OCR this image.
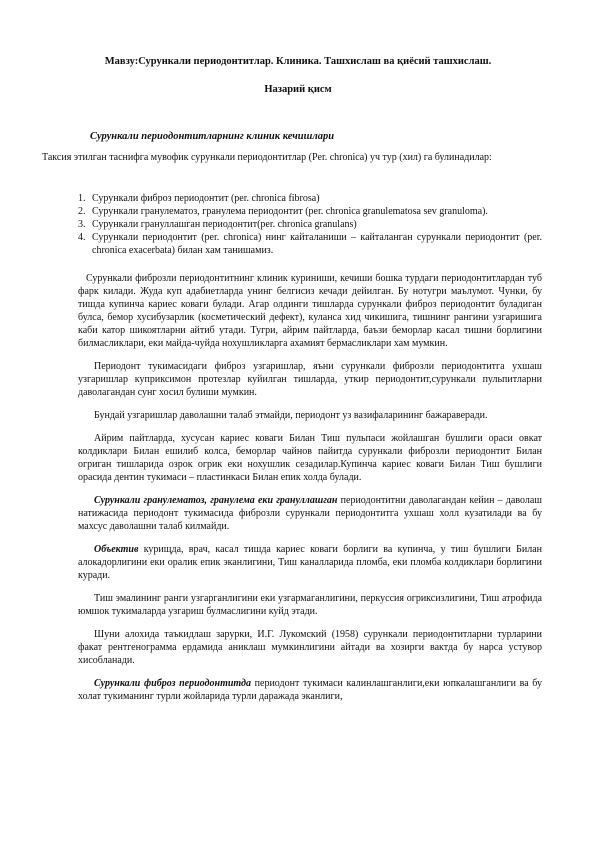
Мавзу:Сурункали периодонтитлар. Клиника. Ташхислаш ва қиёсий ташхислаш.
Назарий қисм
Сурункали периодонтитларнинг клиник кечишлари
Таксия этилган таснифга мувофик сурункали периодонтитлар (Per. chronica) уч тур (хил) га булинадилар:
1. Сурункали фиброз периодонтит (per. chronica fibrosa)
2. Сурункали гранулематоз, гранулема периодонтит (per. chronica granulematosa sev granuloma).
3. Сурункали грануллашган периодонтит(per. chronica granulans)
4. Сурункали периодонтит (per. chronica) нинг кайталаниши – кайталанган сурункали периодонтит (per. chronica exacerbata) билан хам танишамиз.

Сурункали фиброзли периодонтитнинг клиник куриниши, кечиши бошка турдаги периодонтитлардан туб фарк килади. Жуда куп адабиетларда унинг белгисиз кечади дейилган. Бу нотугри маълумот. Чунки, бу тишда купинча кариес коваги булади. Агар олдинги тишларда сурункали фиброз периодонтит буладиган булса, бемор хусибузарлик (косметический дефект), куланса хид чикишига, тишнинг рангини узгаришига каби катор шикоятларни айтиб утади. Тугри, айрим пайтларда, баъзи беморлар касал тишни борлигини билмасликлари, еки майда-чуйда нохушликларга ахамият бермасликлари хам мумкин.

Периодонт тукимасидаги фиброз узгаришлар, яъни сурункали фиброзли периодонтитга ухшаш узгаришлар куприксимон протезлар куйилган тишларда, уткир периодонтит,сурункали пульпитларни даволагандан сунг хосил булиши мумкин.

Бундай узгаришлар даволашни талаб этмайди, периодонт уз вазифаларининг бажараверади.

Айрим пайтларда, хусусан кариес коваги Билан Тиш пульпаси жойлашган бушлиги ораси овкат колдиклари Билан ешилиб колса, беморлар чайнов пайитда сурункали фиброзли периодонтит Билан огриган тишларида озрок огрик еки нохушлик сезадилар.Купинча кариес коваги Билан Тиш бушлиги орасида дентин тукимаси – пластинкаси Билан епик холда булади.

Сурункали гранулематоз, гранулема еки грануллашган периодонтитни даволагандан кейин – даволаш натижасида периодонт тукимасида фиброзли сурункали периодонтитга ухшаш холл кузатилади ва бу махсус даволашни талаб килмайди.

Объектив курищда, врач, касал тишда кариес коваги борлиги ва купинча, у тиш бушлиги Билан алокадорлигини еки оралик епик эканлигини, Тиш каналларида пломба, еки пломба колдиклари борлигини куради.

Тиш эмалининг ранги узгарганлигини еки узгармаганлигини, перкуссия огриксизлигини, Тиш атрофида юмшок тукималарда узгариш булмаслигини куйд этади.

Шуни алохида таъкидлаш зарурки, И.Г. Лукомский (1958) сурункали периодонтитларни турларини факат рентгенограмма ердамида аниклаш мумкинлигини айтади ва хозирги вактда бу нарса устувор хисобланади.

Сурункали фиброз периодонтитда периодонт тукимаси калинлашганлиги,еки юпкалашганлиги ва бу холат тукиманинг турли жойларида турли даражада эканлиги,
